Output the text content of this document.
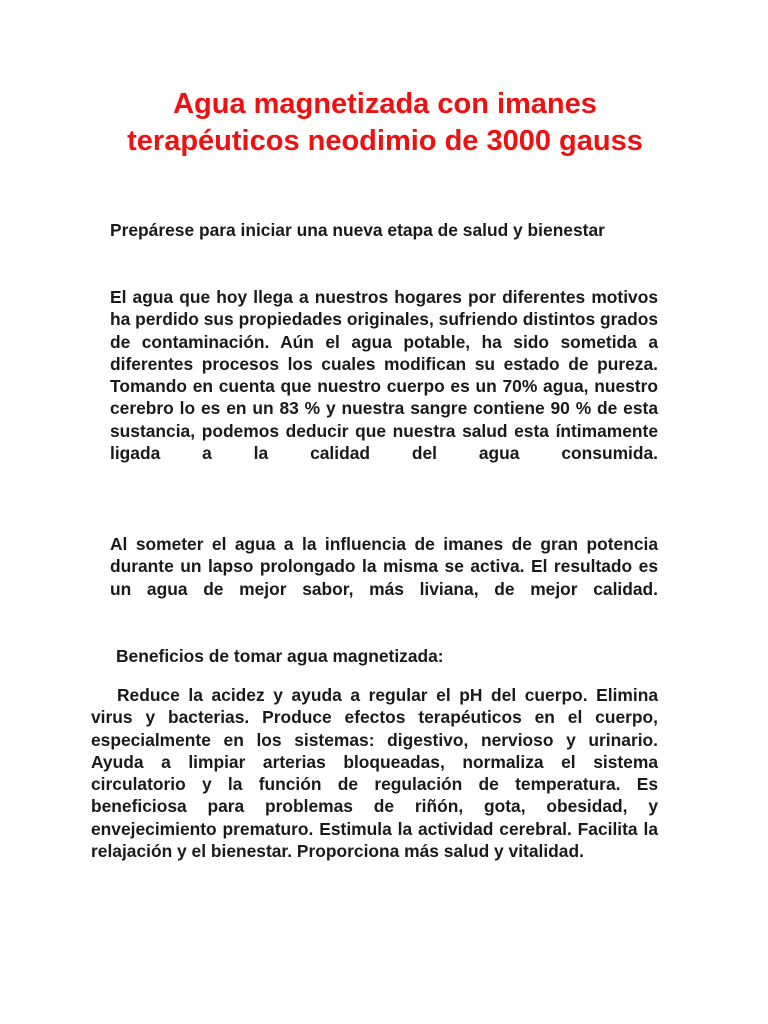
Agua magnetizada con imanes terapéuticos neodimio de 3000 gauss

Prepárese para iniciar una nueva etapa de salud y bienestar

El agua que hoy llega a nuestros hogares por diferentes motivos ha perdido sus propiedades originales, sufriendo distintos grados de contaminación. Aún el agua potable, ha sido sometida a diferentes procesos los cuales modifican su estado de pureza. Tomando en cuenta que nuestro cuerpo es un 70% agua, nuestro cerebro lo es en un 83 % y nuestra sangre contiene 90 % de esta sustancia, podemos deducir que nuestra salud esta íntimamente ligada a la calidad del agua consumida.

Al someter el agua a la influencia de imanes de gran potencia durante un lapso prolongado la misma se activa. El resultado es un agua de mejor sabor, más liviana, de mejor calidad.

Beneficios de tomar agua magnetizada:

Reduce la acidez y ayuda a regular el pH del cuerpo. Elimina virus y bacterias. Produce efectos terapéuticos en el cuerpo, especialmente en los sistemas: digestivo, nervioso y urinario. Ayuda a limpiar arterias bloqueadas, normaliza el sistema circulatorio y la función de regulación de temperatura. Es beneficiosa para problemas de riñón, gota, obesidad, y envejecimiento prematuro. Estimula la actividad cerebral. Facilita la relajación y el bienestar. Proporciona más salud y vitalidad.
